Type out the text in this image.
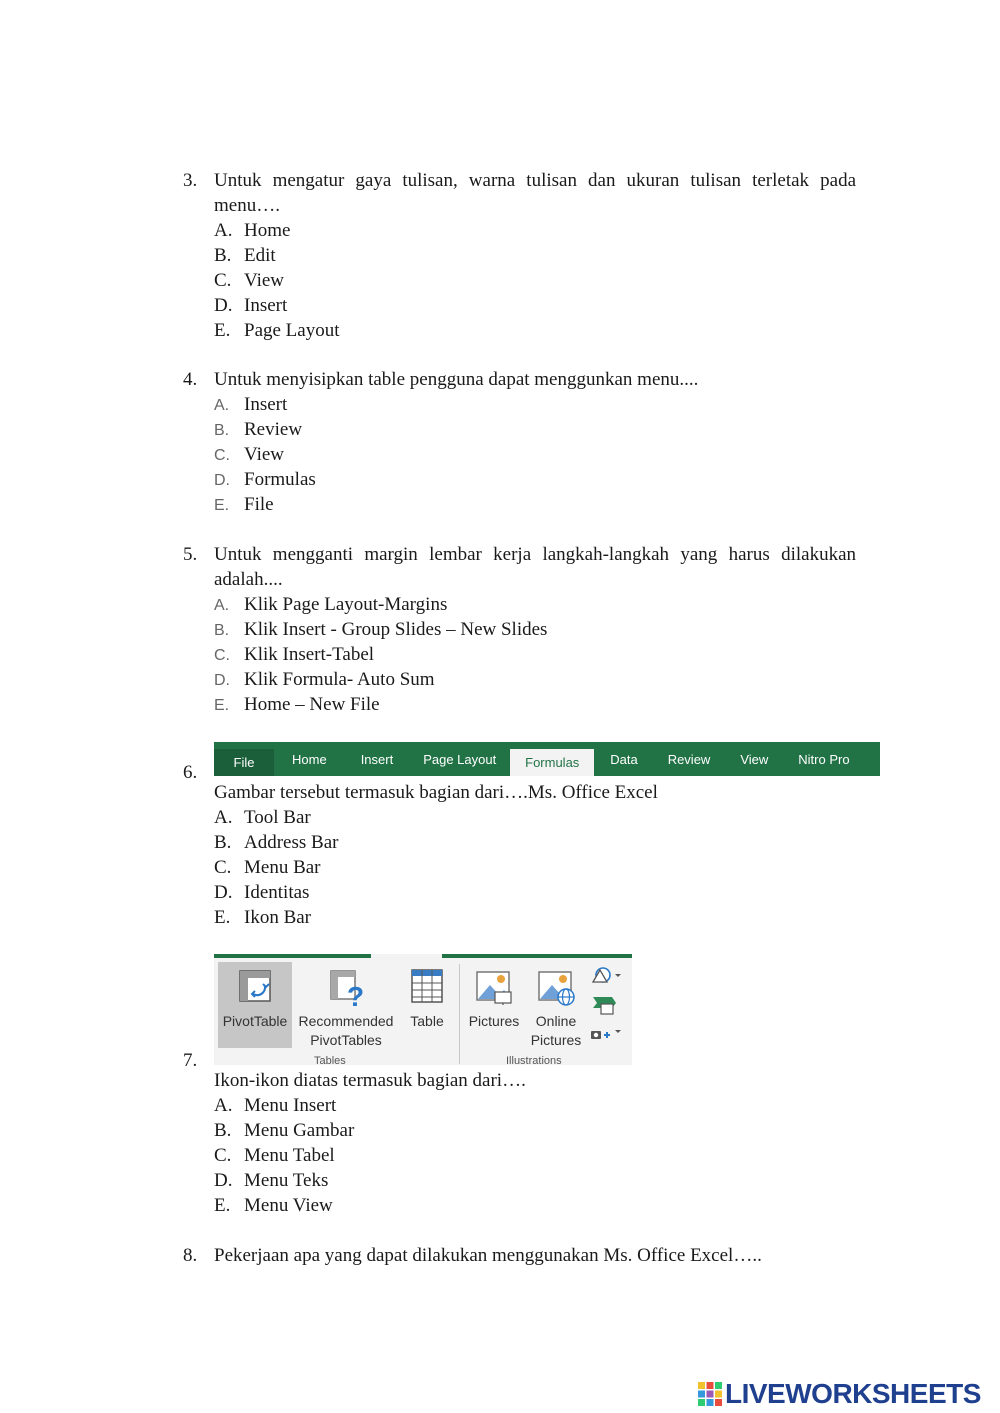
3. Untuk mengatur gaya tulisan, warna tulisan dan ukuran tulisan terletak pada menu….
A. Home
B. Edit
C. View
D. Insert
E. Page Layout
4. Untuk menyisipkan table pengguna dapat menggunkan menu....
A. Insert
B. Review
C. View
D. Formulas
E. File
5. Untuk mengganti margin lembar kerja langkah-langkah yang harus dilakukan adalah....
A. Klik Page Layout-Margins
B. Klik Insert - Group Slides – New Slides
C. Klik Insert-Tabel
D. Klik Formula- Auto Sum
E. Home – New File
File	Home	Insert	Page Layout	Formulas	Data	Review	View	Nitro Pro
6.
Gambar tersebut termasuk bagian dari….Ms. Office Excel
A. Tool Bar
B. Address Bar
C. Menu Bar
D. Identitas
E. Ikon Bar
PivotTable
?
Recommended
PivotTables
Table
Tables
Pictures	Online
Pictures
Illustrations
7.
Ikon-ikon diatas termasuk bagian dari….
A. Menu Insert
B. Menu Gambar
C. Menu Tabel
D. Menu Teks
E. Menu View
8. Pekerjaan apa yang dapat dilakukan menggunakan Ms. Office Excel…..
LIVEWORKSHEETS
